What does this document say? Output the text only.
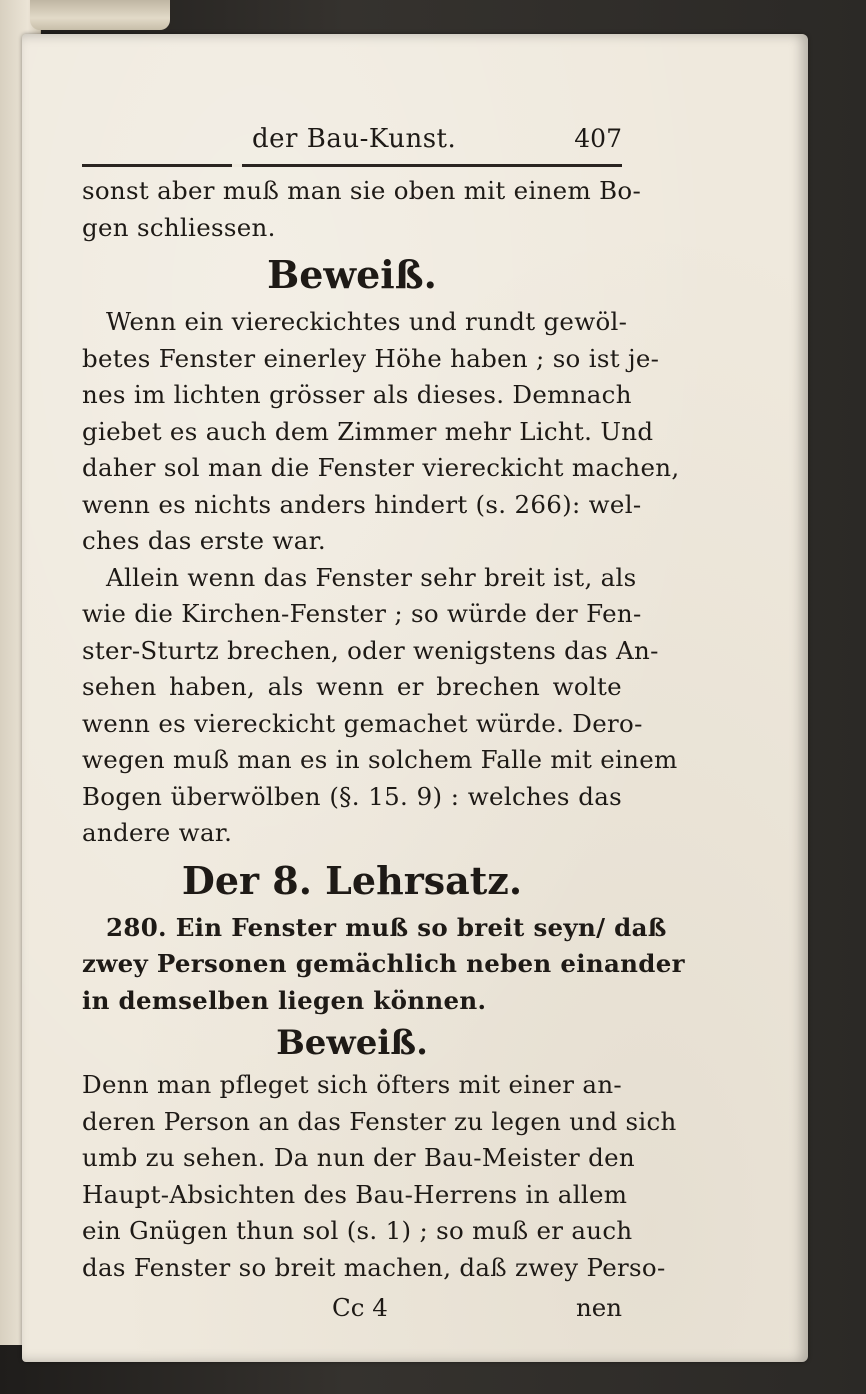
der Bau-Kunst.	407
sonst aber muß man sie oben mit einem Bo-
gen schliessen.
Beweiß.
Wenn ein viereckichtes und rundt gewöl-
betes Fenster einerley Höhe haben ; so ist je-
nes im lichten grösser als dieses. Demnach
giebet es auch dem Zimmer mehr Licht. Und
daher sol man die Fenster viereckicht machen,
wenn es nichts anders hindert (s. 266): wel-
ches das erste war.
Allein wenn das Fenster sehr breit ist, als
wie die Kirchen-Fenster ; so würde der Fen-
ster-Sturtz brechen, oder wenigstens das An-
sehen haben, als wenn er brechen wolte
wenn es viereckicht gemachet würde. Dero-
wegen muß man es in solchem Falle mit einem
Bogen überwölben (§. 15. 9) : welches das
andere war.
Der 8. Lehrsatz.
280. Ein Fenster muß so breit seyn/ daß
zwey Personen gemächlich neben einander
in demselben liegen können.
Beweiß.
Denn man pfleget sich öfters mit einer an-
deren Person an das Fenster zu legen und sich
umb zu sehen. Da nun der Bau-Meister den
Haupt-Absichten des Bau-Herrens in allem
ein Gnügen thun sol (s. 1) ; so muß er auch
das Fenster so breit machen, daß zwey Perso-
Cc 4	nen
